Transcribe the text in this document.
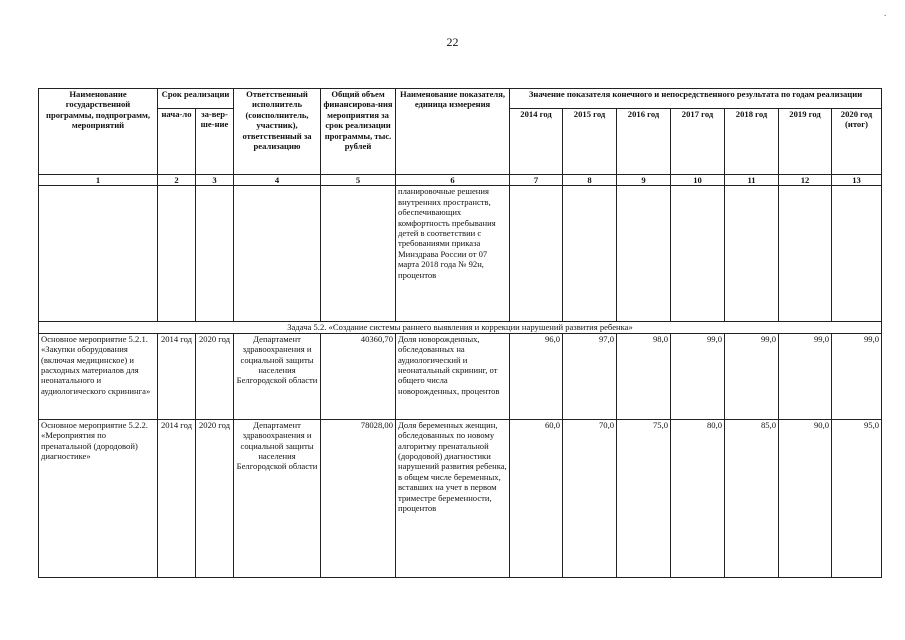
.
22
Наименование государственной программы, подпрограмм, мероприятий	Срок реализации		Ответственный исполнитель (соисполнитель, участник), ответственный за реализацию	Общий объем финансирова-ния мероприятия за срок реализации программы, тыс. рублей	Наименование показателя, единица измерения	Значение показателя конечного и непосредственного результата по годам реализации						
	нача-ло	за-вер-ше-ние				2014 год	2015 год	2016 год	2017 год	2018 год	2019 год	2020 год (итог)
1	2	3	4	5	6	7	8	9	10	11	12	13
					планировочные решения внутренних пространств, обеспечивающих комфортность пребывания детей в соответствии с требованиями приказа Минздрава России от 07 марта 2018 года № 92н, процентов							
Задача 5.2. «Создание системы раннего выявления и коррекции нарушений развития ребенка»												
Основное мероприятие 5.2.1. «Закупки оборудования (включая медицинское) и расходных материалов для неонатального и аудиологического скрининга»	2014 год	2020 год	Департамент здравоохранения и социальной защиты населения Белгородской области	40360,70	Доля новорожденных, обследованных на аудиологический и неонатальный скрининг, от общего числа новорожденных, процентов	96,0	97,0	98,0	99,0	99,0	99,0	99,0
Основное мероприятие 5.2.2. «Мероприятия по пренатальной (дородовой) диагностике»	2014 год	2020 год	Департамент здравоохранения и социальной защиты населения Белгородской области	78028,00	Доля беременных женщин, обследованных по новому алгоритму пренатальной (дородовой) диагностики нарушений развития ребенка, в общем числе беременных, вставших на учет в первом триместре беременности, процентов	60,0	70,0	75,0	80,0	85,0	90,0	95,0
